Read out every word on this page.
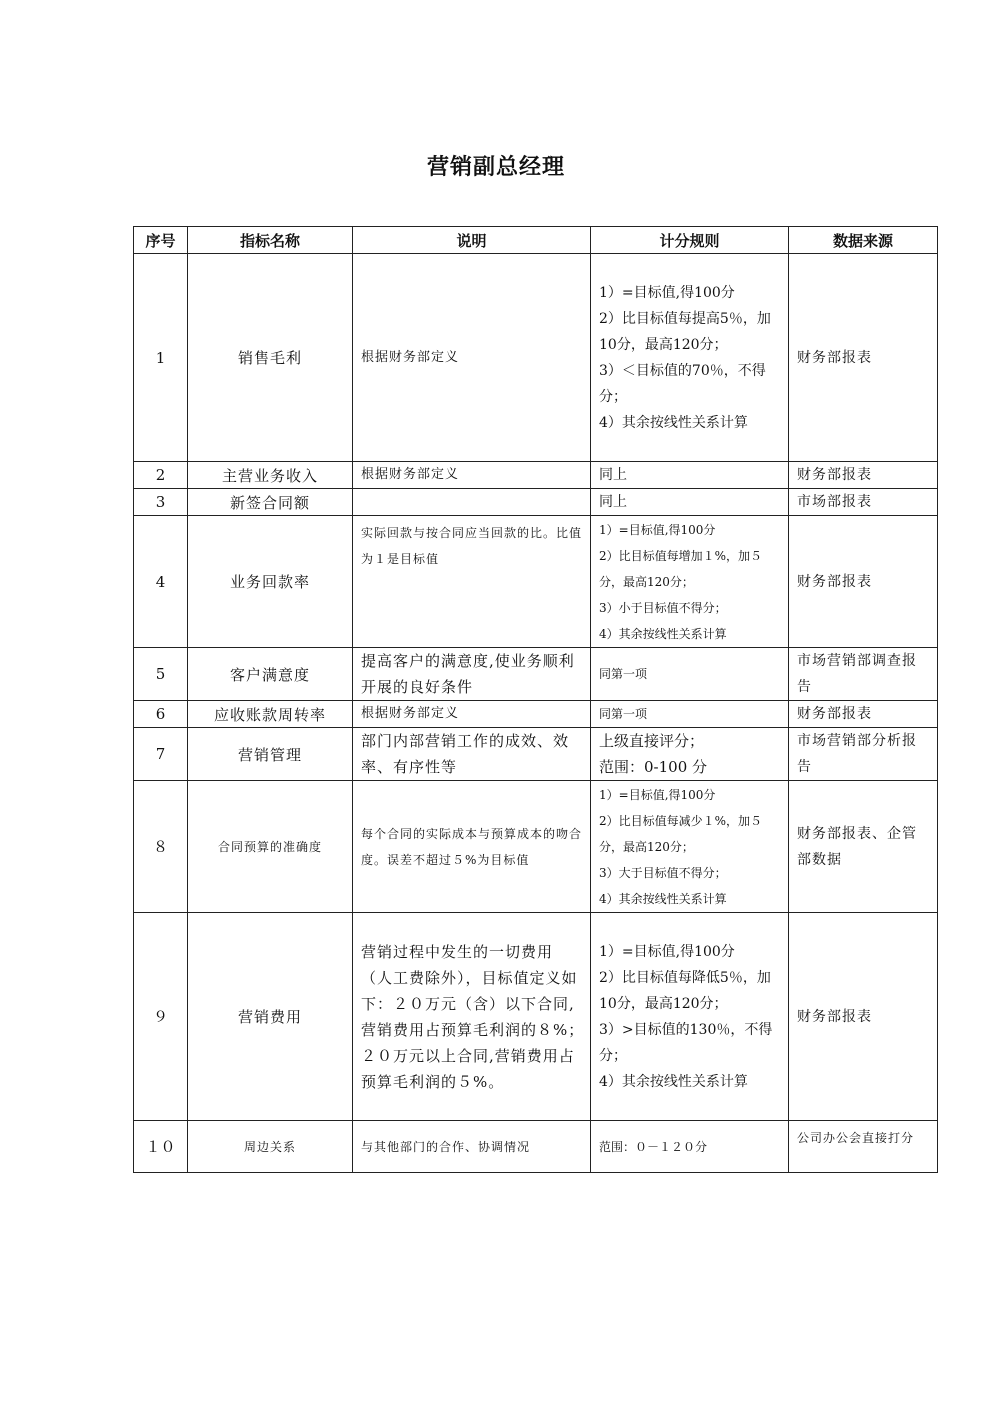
营销副总经理
序号	指标名称	说明	计分规则	数据来源
1	销售毛利	根据财务部定义	1）=目标值,得100分
2）比目标值每提高5％，加10分，最高120分；
3）＜目标值的70％，不得分；
4）其余按线性关系计算	财务部报表
2	主营业务收入	根据财务部定义	同上	财务部报表
3	新签合同额		同上	市场部报表
4	业务回款率	实际回款与按合同应当回款的比。比值为１是目标值	1）=目标值,得100分
2）比目标值每增加１%，加５分，最高120分；
3）小于目标值不得分；
4）其余按线性关系计算	财务部报表
5	客户满意度	提高客户的满意度,使业务顺利开展的良好条件	同第一项	市场营销部调查报告
6	应收账款周转率	根据财务部定义	同第一项	财务部报表
7	营销管理	部门内部营销工作的成效、效率、有序性等	上级直接评分；
范围：0-100 分	市场营销部分析报告
８	合同预算的准确度	每个合同的实际成本与预算成本的吻合度。误差不超过５%为目标值	1）=目标值,得100分
2）比目标值每减少１%，加５分，最高120分；
3）大于目标值不得分；
4）其余按线性关系计算	财务部报表、企管部数据
９	营销费用	营销过程中发生的一切费用（人工费除外），目标值定义如下：２０万元（含）以下合同,营销费用占预算毛利润的８%；　２０万元以上合同,营销费用占预算毛利润的５%。	1）=目标值,得100分
2）比目标值每降低5％，加10分，最高120分；
3）>目标值的130％，不得分；
4）其余按线性关系计算	财务部报表
１０	周边关系	与其他部门的合作、协调情况	范围：０－１２０分	公司办公会直接打分
